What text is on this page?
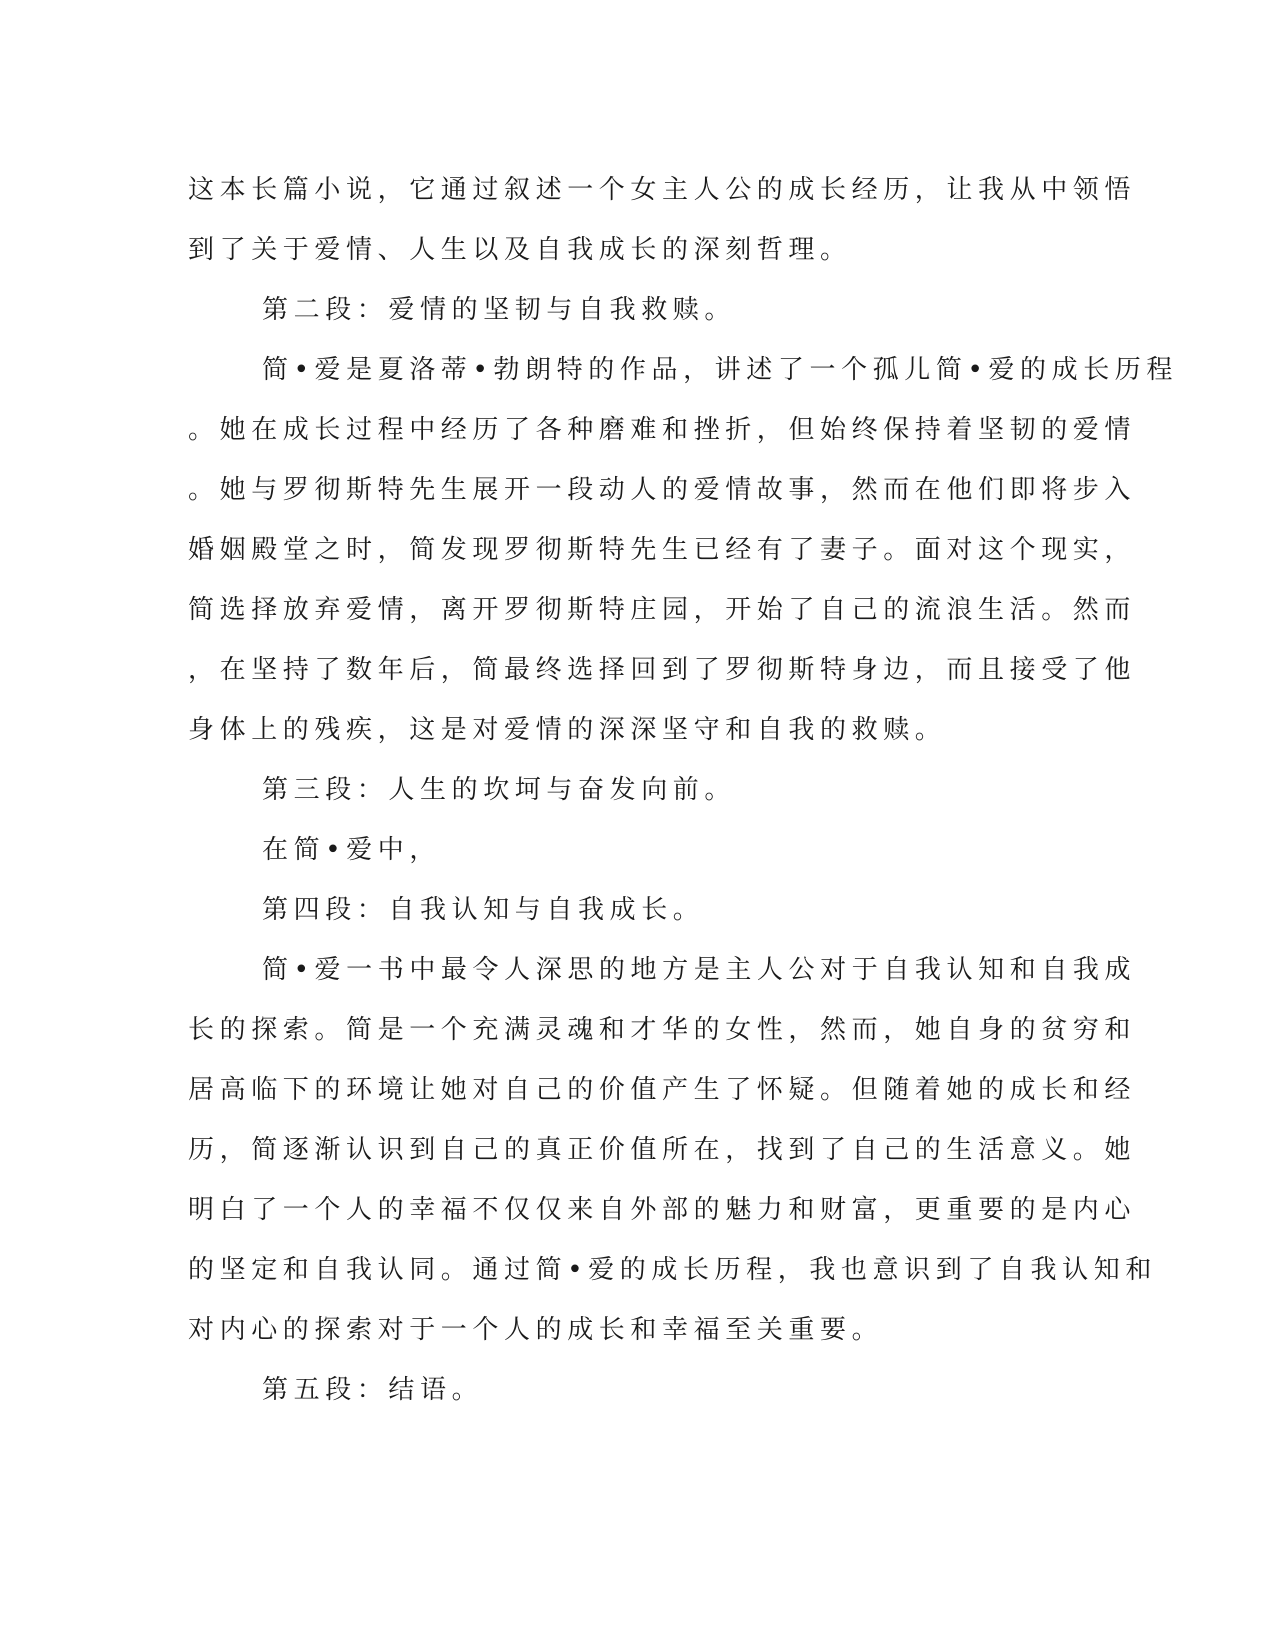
这本长篇小说，它通过叙述一个女主人公的成长经历，让我从中领悟
到了关于爱情、人生以及自我成长的深刻哲理。
第二段：爱情的坚韧与自我救赎。
简•爱是夏洛蒂•勃朗特的作品，讲述了一个孤儿简•爱的成长历程
。她在成长过程中经历了各种磨难和挫折，但始终保持着坚韧的爱情
。她与罗彻斯特先生展开一段动人的爱情故事，然而在他们即将步入
婚姻殿堂之时，简发现罗彻斯特先生已经有了妻子。面对这个现实，
简选择放弃爱情，离开罗彻斯特庄园，开始了自己的流浪生活。然而
，在坚持了数年后，简最终选择回到了罗彻斯特身边，而且接受了他
身体上的残疾，这是对爱情的深深坚守和自我的救赎。
第三段：人生的坎坷与奋发向前。
在简•爱中，
第四段：自我认知与自我成长。
简•爱一书中最令人深思的地方是主人公对于自我认知和自我成
长的探索。简是一个充满灵魂和才华的女性，然而，她自身的贫穷和
居高临下的环境让她对自己的价值产生了怀疑。但随着她的成长和经
历，简逐渐认识到自己的真正价值所在，找到了自己的生活意义。她
明白了一个人的幸福不仅仅来自外部的魅力和财富，更重要的是内心
的坚定和自我认同。通过简•爱的成长历程，我也意识到了自我认知和
对内心的探索对于一个人的成长和幸福至关重要。
第五段：结语。
